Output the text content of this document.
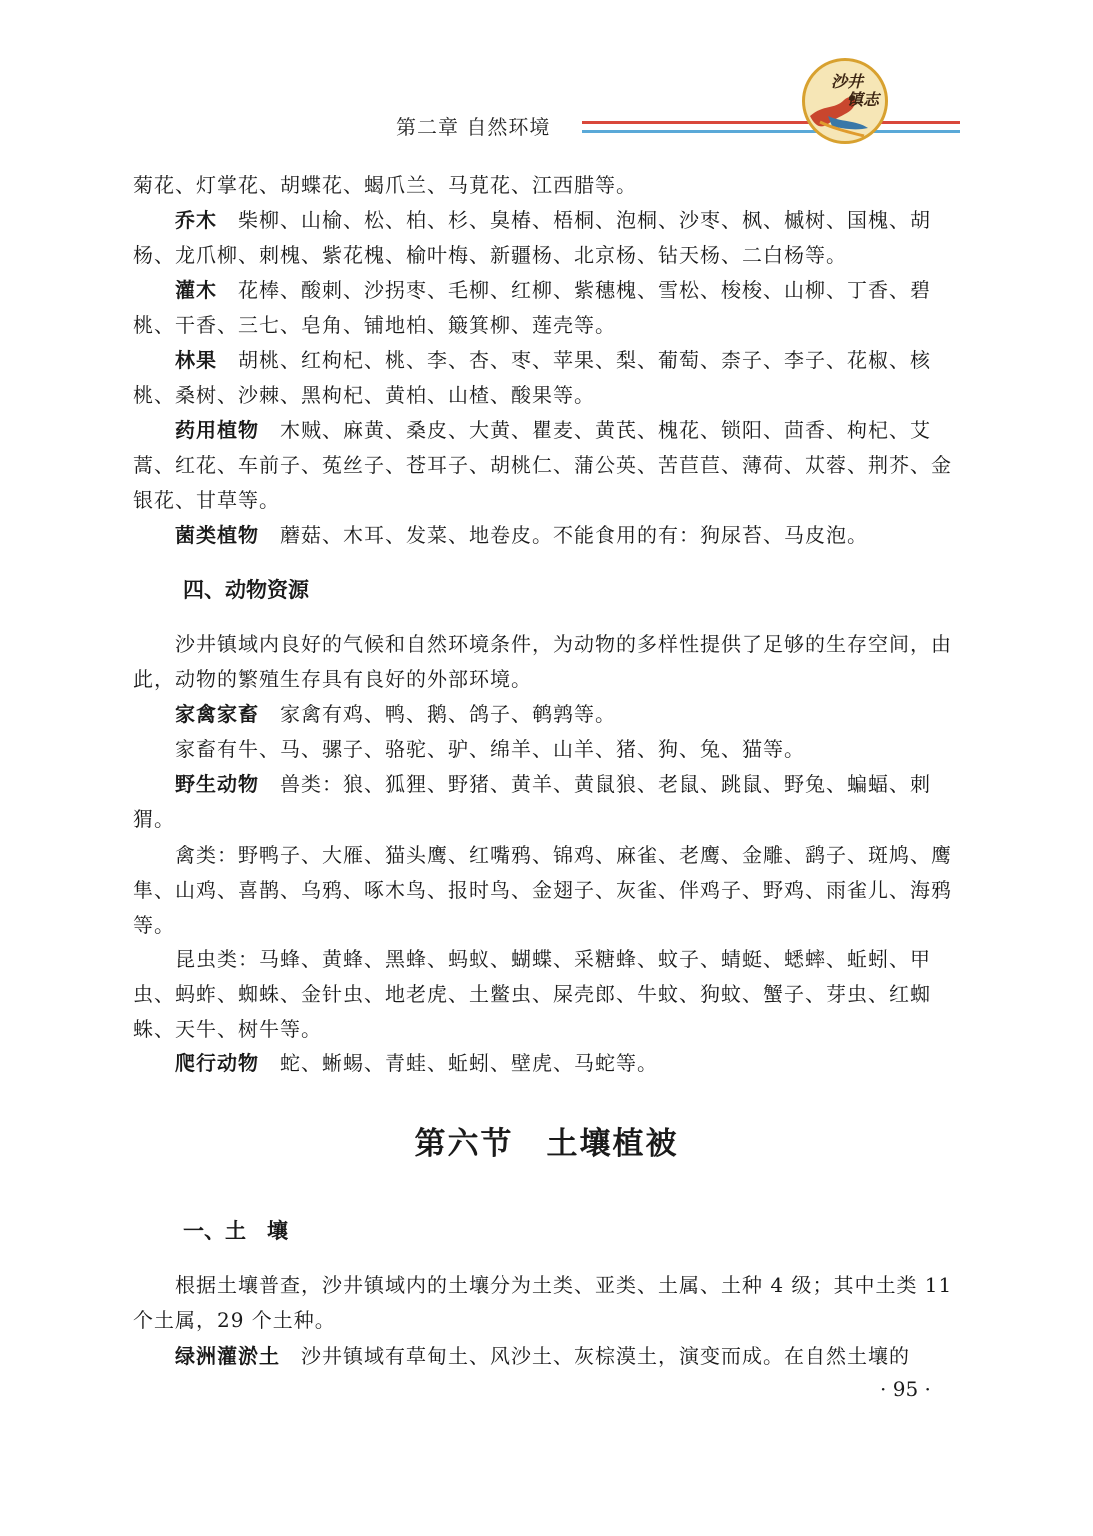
第二章 自然环境
沙井
镇志

菊花、灯掌花、胡蝶花、蝎爪兰、马莧花、江西腊等。

乔木　 柴柳、山榆、松、柏、杉、臭椿、梧桐、泡桐、沙枣、枫、槭树、国槐、胡杨、龙爪柳、刺槐、紫花槐、榆叶梅、新疆杨、北京杨、钻天杨、二白杨等。

灌木　 花棒、酸刺、沙拐枣、毛柳、红柳、紫穗槐、雪松、梭梭、山柳、丁香、碧桃、干香、三七、皂角、铺地柏、簸箕柳、莲壳等。

林果　 胡桃、红枸杞、桃、李、杏、枣、苹果、梨、葡萄、柰子、李子、花椒、核桃、桑树、沙棘、黑枸杞、黄柏、山楂、酸果等。

药用植物　 木贼、麻黄、桑皮、大黄、瞿麦、黄芪、槐花、锁阳、茴香、枸杞、艾蒿、红花、车前子、菟丝子、苍耳子、胡桃仁、蒲公英、苦苣苣、薄荷、苁蓉、荆芥、金银花、甘草等。

菌类植物　 蘑菇、木耳、发菜、地卷皮。不能食用的有：狗尿苔、马皮泡。

四、动物资源

沙井镇域内良好的气候和自然环境条件，为动物的多样性提供了足够的生存空间，由此，动物的繁殖生存具有良好的外部环境。

家禽家畜　 家禽有鸡、鸭、鹅、鸽子、鹌鹑等。

家畜有牛、马、骡子、骆驼、驴、绵羊、山羊、猪、狗、兔、猫等。

野生动物　 兽类：狼、狐狸、野猪、黄羊、黄鼠狼、老鼠、跳鼠、野兔、蝙蝠、刺猬。

禽类：野鸭子、大雁、猫头鹰、红嘴鸦、锦鸡、麻雀、老鹰、金雕、鹞子、斑鸠、鹰隼、山鸡、喜鹊、乌鸦、啄木鸟、报时鸟、金翅子、灰雀、伴鸡子、野鸡、雨雀儿、海鸦等。

昆虫类：马蜂、黄蜂、黑蜂、蚂蚁、蝴蝶、采糖蜂、蚊子、蜻蜓、蟋蟀、蚯蚓、甲虫、蚂蚱、蜘蛛、金针虫、地老虎、土鳖虫、屎壳郎、牛蚊、狗蚊、蟹子、芽虫、红蜘蛛、天牛、树牛等。

爬行动物　 蛇、蜥蜴、青蛙、蚯蚓、壁虎、马蛇等。

第六节　土壤植被
一、土　壤

根据土壤普查，沙井镇域内的土壤分为土类、亚类、土属、土种 4 级；其中土类 11 个土属，29 个土种。

绿洲灌淤土　 沙井镇域有草甸土、风沙土、灰棕漠土，演变而成。在自然土壤的

· 95 ·
